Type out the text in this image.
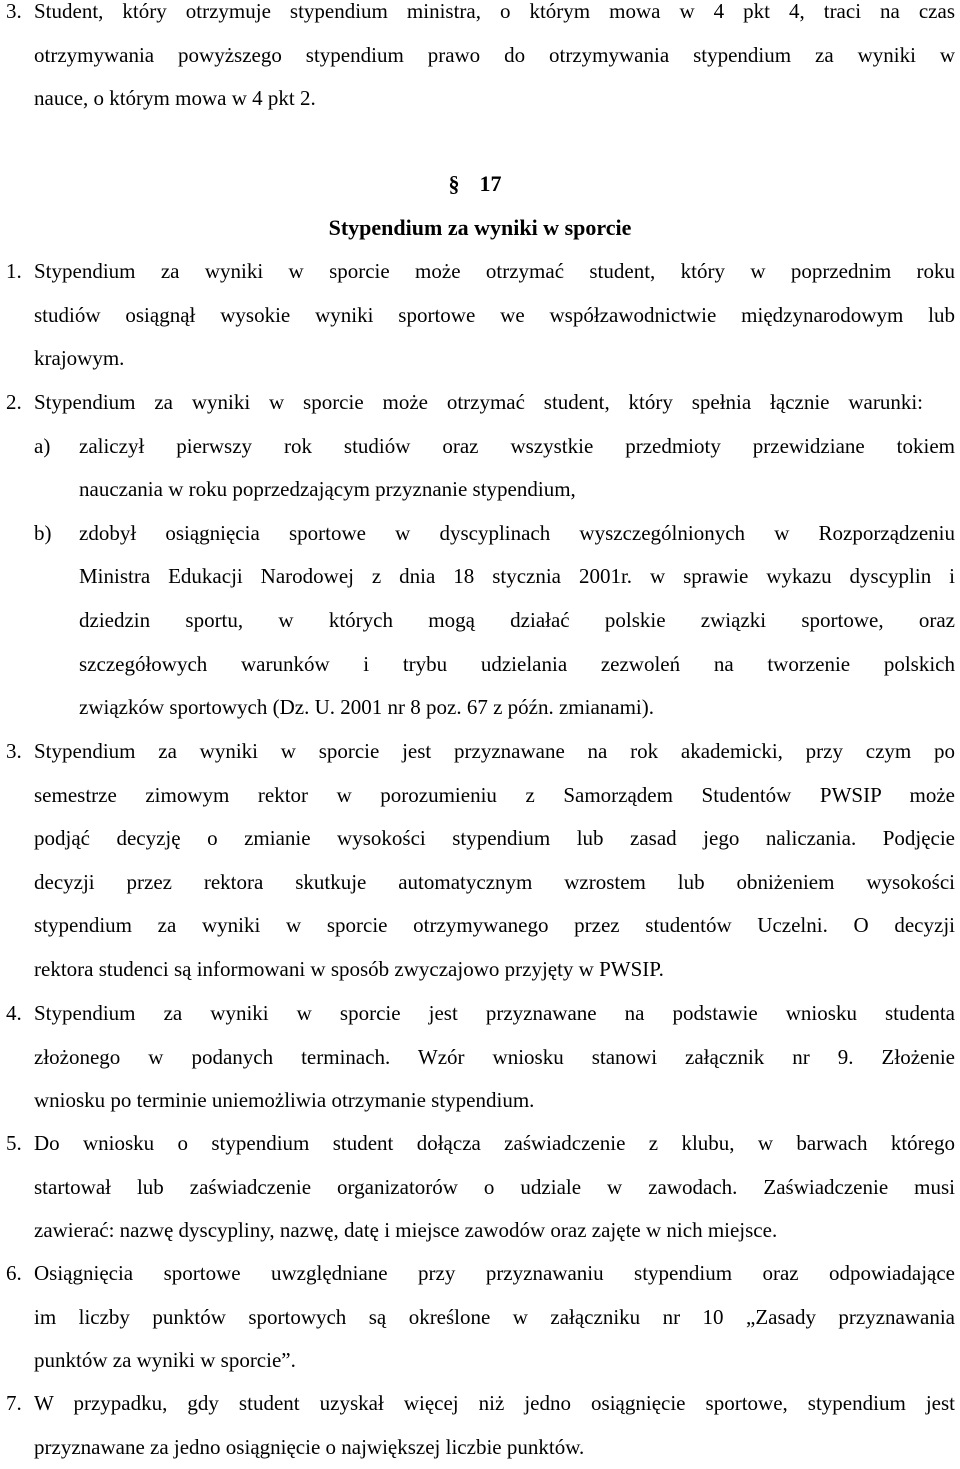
3. Student, który otrzymuje stypendium ministra, o którym mowa w 4 pkt 4, traci na czas
otrzymywania powyższego stypendium prawo do otrzymywania stypendium za wyniki w
nauce, o którym mowa w 4 pkt 2.
§ 17
Stypendium za wyniki w sporcie
1. Stypendium za wyniki w sporcie może otrzymać student, który w poprzednim roku
studiów osiągnął wysokie wyniki sportowe we współzawodnictwie międzynarodowym lub
krajowym.
2. Stypendium za wyniki w sporcie może otrzymać student, który spełnia łącznie warunki:
a) zaliczył pierwszy rok studiów oraz wszystkie przedmioty przewidziane tokiem
nauczania w roku poprzedzającym przyznanie stypendium,
b) zdobył osiągnięcia sportowe w dyscyplinach wyszczególnionych w Rozporządzeniu
Ministra Edukacji Narodowej z dnia 18 stycznia 2001r. w sprawie wykazu dyscyplin i
dziedzin sportu, w których mogą działać polskie związki sportowe, oraz
szczegółowych warunków i trybu udzielania zezwoleń na tworzenie polskich
związków sportowych (Dz. U. 2001 nr 8 poz. 67 z późn. zmianami).
3. Stypendium za wyniki w sporcie jest przyznawane na rok akademicki, przy czym po
semestrze zimowym rektor w porozumieniu z Samorządem Studentów PWSIP może
podjąć decyzję o zmianie wysokości stypendium lub zasad jego naliczania. Podjęcie
decyzji przez rektora skutkuje automatycznym wzrostem lub obniżeniem wysokości
stypendium za wyniki w sporcie otrzymywanego przez studentów Uczelni. O decyzji
rektora studenci są informowani w sposób zwyczajowo przyjęty w PWSIP.
4. Stypendium za wyniki w sporcie jest przyznawane na podstawie wniosku studenta
złożonego w podanych terminach. Wzór wniosku stanowi załącznik nr 9. Złożenie
wniosku po terminie uniemożliwia otrzymanie stypendium.
5. Do wniosku o stypendium student dołącza zaświadczenie z klubu, w barwach którego
startował lub zaświadczenie organizatorów o udziale w zawodach. Zaświadczenie musi
zawierać: nazwę dyscypliny, nazwę, datę i miejsce zawodów oraz zajęte w nich miejsce.
6. Osiągnięcia sportowe uwzględniane przy przyznawaniu stypendium oraz odpowiadające
im liczby punktów sportowych są określone w załączniku nr 10 „Zasady przyznawania
punktów za wyniki w sporcie”.
7. W przypadku, gdy student uzyskał więcej niż jedno osiągnięcie sportowe, stypendium jest
przyznawane za jedno osiągnięcie o największej liczbie punktów.
